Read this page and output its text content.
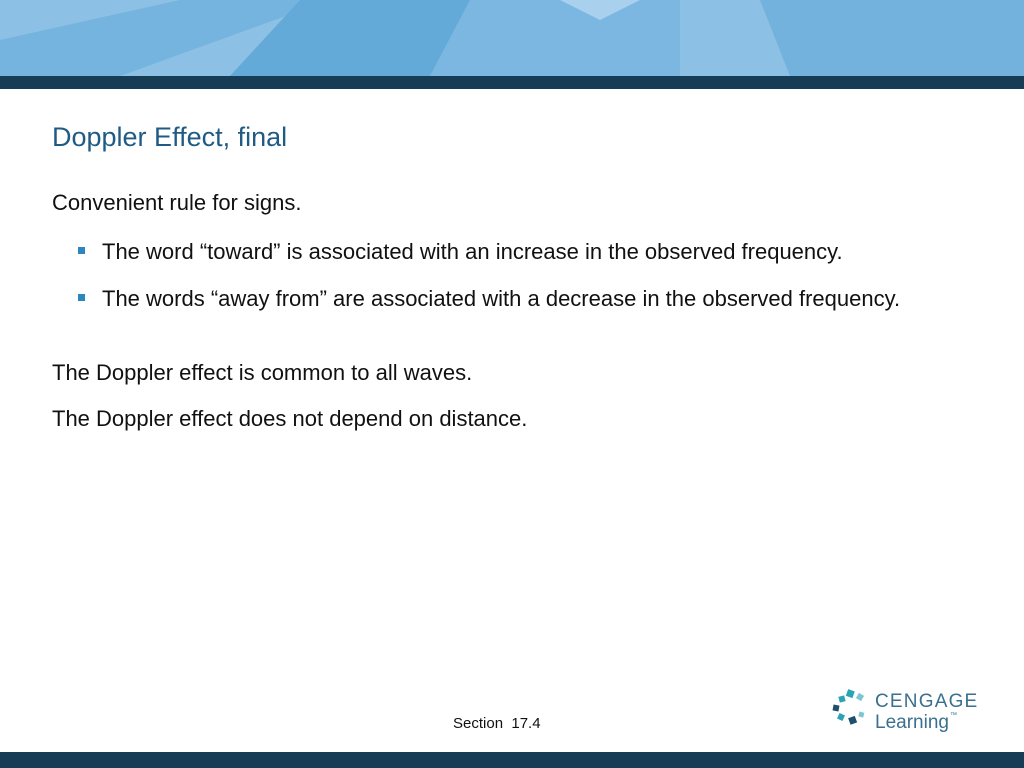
Doppler Effect, final
Convenient rule for signs.
The word “toward” is associated with an increase in the observed frequency.
The words “away from” are associated with a decrease in the observed frequency.
The Doppler effect is common to all waves.
The Doppler effect does not depend on distance.
Section  17.4
CENGAGE
Learning™
